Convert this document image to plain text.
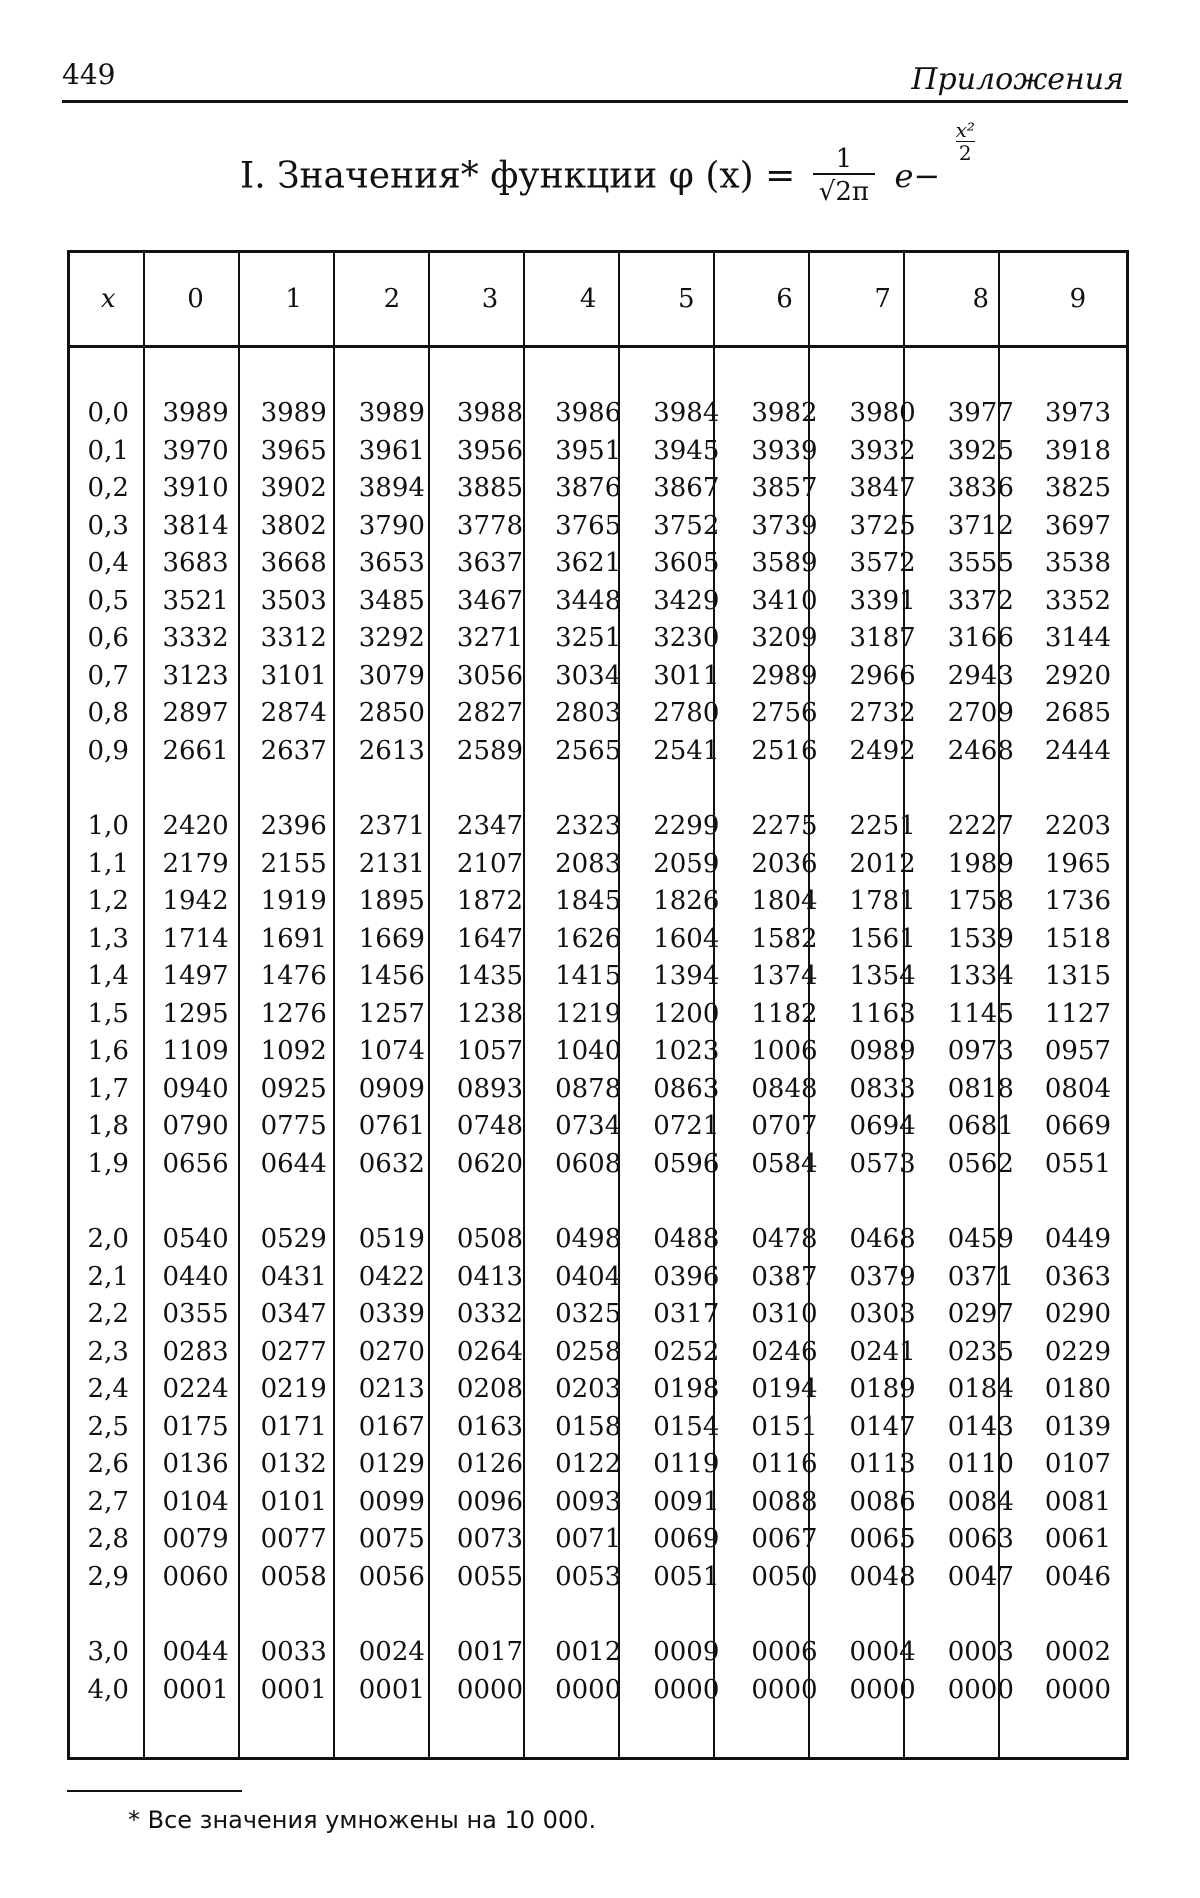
449	Приложения
I. Значения* функции φ $(x) = \frac{1}{√2\pi} e-$
$\frac{\text{x²}}{2}$
x	0	1	2	3	4	5	6	7	8	9

0,0	3989	3989	3989	3988	3986	3984	3982	3980	3977	3973
0,1	3970	3965	3961	3956	3951	3945	3939	3932	3925	3918
0,2	3910	3902	3894	3885	3876	3867	3857	3847	3836	3825
0,3	3814	3802	3790	3778	3765	3752	3739	3725	3712	3697
0,4	3683	3668	3653	3637	3621	3605	3589	3572	3555	3538
0,5	3521	3503	3485	3467	3448	3429	3410	3391	3372	3352
0,6	3332	3312	3292	3271	3251	3230	3209	3187	3166	3144
0,7	3123	3101	3079	3056	3034	3011	2989	2966	2943	2920
0,8	2897	2874	2850	2827	2803	2780	2756	2732	2709	2685
0,9	2661	2637	2613	2589	2565	2541	2516	2492	2468	2444

1,0	2420	2396	2371	2347	2323	2299	2275	2251	2227	2203
1,1	2179	2155	2131	2107	2083	2059	2036	2012	1989	1965
1,2	1942	1919	1895	1872	1845	1826	1804	1781	1758	1736
1,3	1714	1691	1669	1647	1626	1604	1582	1561	1539	1518
1,4	1497	1476	1456	1435	1415	1394	1374	1354	1334	1315
1,5	1295	1276	1257	1238	1219	1200	1182	1163	1145	1127
1,6	1109	1092	1074	1057	1040	1023	1006	0989	0973	0957
1,7	0940	0925	0909	0893	0878	0863	0848	0833	0818	0804
1,8	0790	0775	0761	0748	0734	0721	0707	0694	0681	0669
1,9	0656	0644	0632	0620	0608	0596	0584	0573	0562	0551

2,0	0540	0529	0519	0508	0498	0488	0478	0468	0459	0449
2,1	0440	0431	0422	0413	0404	0396	0387	0379	0371	0363
2,2	0355	0347	0339	0332	0325	0317	0310	0303	0297	0290
2,3	0283	0277	0270	0264	0258	0252	0246	0241	0235	0229
2,4	0224	0219	0213	0208	0203	0198	0194	0189	0184	0180
2,5	0175	0171	0167	0163	0158	0154	0151	0147	0143	0139
2,6	0136	0132	0129	0126	0122	0119	0116	0113	0110	0107
2,7	0104	0101	0099	0096	0093	0091	0088	0086	0084	0081
2,8	0079	0077	0075	0073	0071	0069	0067	0065	0063	0061
2,9	0060	0058	0056	0055	0053	0051	0050	0048	0047	0046

3,0	0044	0033	0024	0017	0012	0009	0006	0004	0003	0002
4,0	0001	0001	0001	0000	0000	0000	0000	0000	0000	0000
* Все значения умножены на 10 000.
